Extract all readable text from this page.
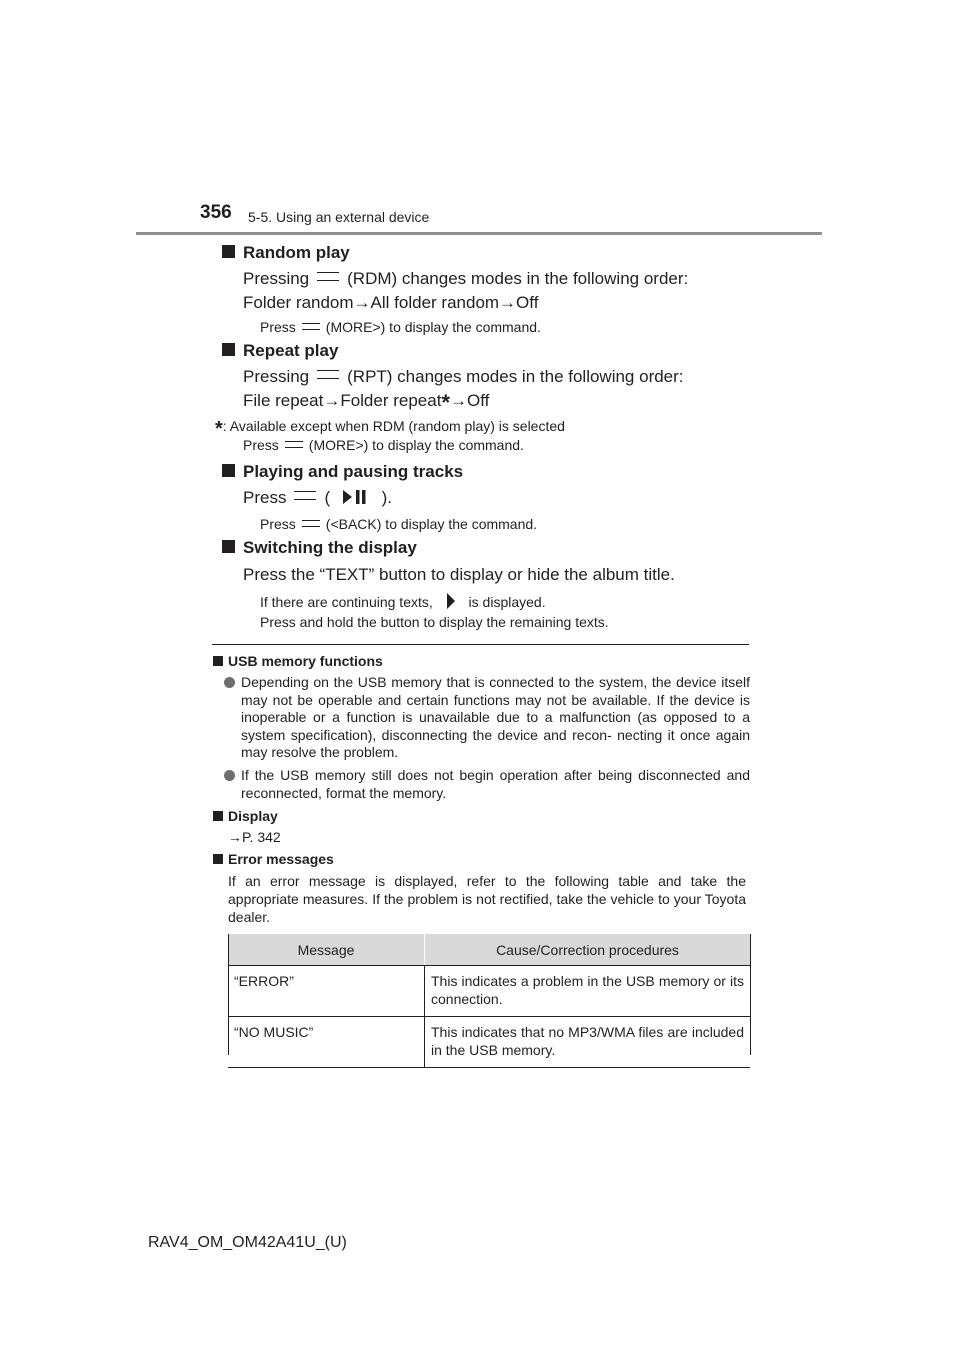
356 5-5. Using an external device
Random play
Pressing (RDM) changes modes in the following order:
Folder random→All folder random→Off
Press (MORE>) to display the command.
Repeat play
Pressing (RPT) changes modes in the following order:
File repeat→Folder repeat*→Off
*: Available except when RDM (random play) is selected
Press (MORE>) to display the command.
Playing and pausing tracks
Press (	).
Press (<BACK) to display the command.
Switching the display
Press the “TEXT” button to display or hide the album title.
If there are continuing texts,	is displayed.
Press and hold the button to display the remaining texts.
USB memory functions
Depending on the USB memory that is connected to the system, the device itself may not be operable and certain functions may not be available. If the device is inoperable or a function is unavailable due to a malfunction (as opposed to a system specification), disconnecting the device and recon- necting it once again may resolve the problem.
If the USB memory still does not begin operation after being disconnected and reconnected, format the memory.
Display
→P. 342
Error messages
If an error message is displayed, refer to the following table and take the appropriate measures. If the problem is not rectified, take the vehicle to your Toyota dealer.
Message	Cause/Correction procedures
“ERROR”	This indicates a problem in the USB memory or its connection.
“NO MUSIC”	This indicates that no MP3/WMA files are included in the USB memory.
RAV4_OM_OM42A41U_(U)
